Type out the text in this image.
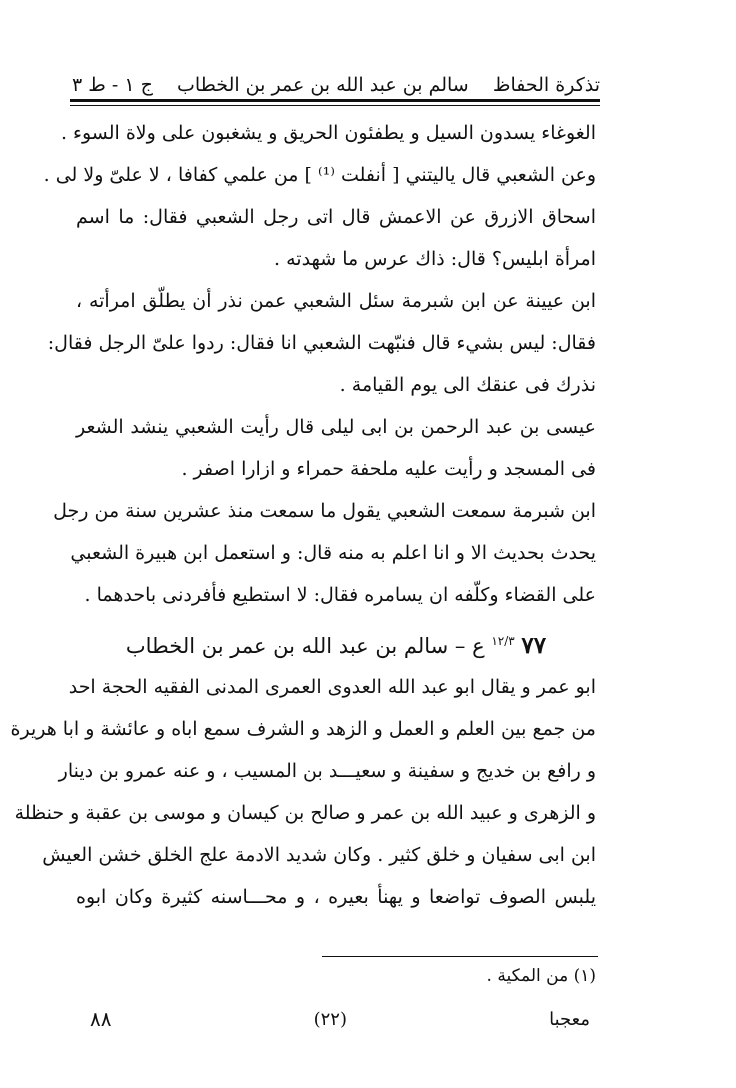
تذكرة الحفاظ
سالم بن عبد الله بن عمر بن الخطاب
ج ١ - ط ٣
الغوغاء يسدون السيل و يطفئون الحريق و يشغبون على ولاة السوء .
وعن الشعبي قال ياليتني [ أنفلت ⁽¹⁾ ] من علمي كفافا ، لا علىّ ولا لى .
اسحاق الازرق عن الاعمش قال اتى رجل الشعبي فقال: ما اسم
امرأة ابليس؟ قال: ذاك عرس ما شهدته .
ابن عيينة عن ابن شبرمة سئل الشعبي عمن نذر أن يطلّق امرأته ،
فقال: ليس بشيء قال فنبّهت الشعبي انا فقال: ردوا علىّ الرجل فقال:
نذرك فى عنقك الى يوم القيامة .
عيسى بن عبد الرحمن بن ابى ليلى قال رأيت الشعبي ينشد الشعر
فى المسجد و رأيت عليه ملحفة حمراء و ازارا اصفر .
ابن شبرمة سمعت الشعبي يقول ما سمعت منذ عشرين سنة من رجل
يحدث بحديث الا و انا اعلم به منه قال: و استعمل ابن هبيرة الشعبي
على القضاء وكلّفه ان يسامره فقال: لا استطيع فأفردنى باحدهما .
٧٧ $^{١٢/٣}$ ع – سالم بن عبد الله بن عمر بن الخطاب
ابو عمر و يقال ابو عبد الله العدوى العمرى المدنى الفقيه الحجة احد
من جمع بين العلم و العمل و الزهد و الشرف سمع اباه و عائشة و ابا هريرة
و رافع بن خديج و سفينة و سعيـــد بن المسيب ، و عنه عمرو بن دينار
و الزهرى و عبيد الله بن عمر و صالح بن كيسان و موسى بن عقبة و حنظلة
ابن ابى سفيان و خلق كثير . وكان شديد الادمة علج الخلق خشن العيش
يلبس الصوف تواضعا و يهنأ بعيره ، و محـــاسنه كثيرة وكان ابوه
(١) من المكية .
معجبا
(٢٢)
٨٨
